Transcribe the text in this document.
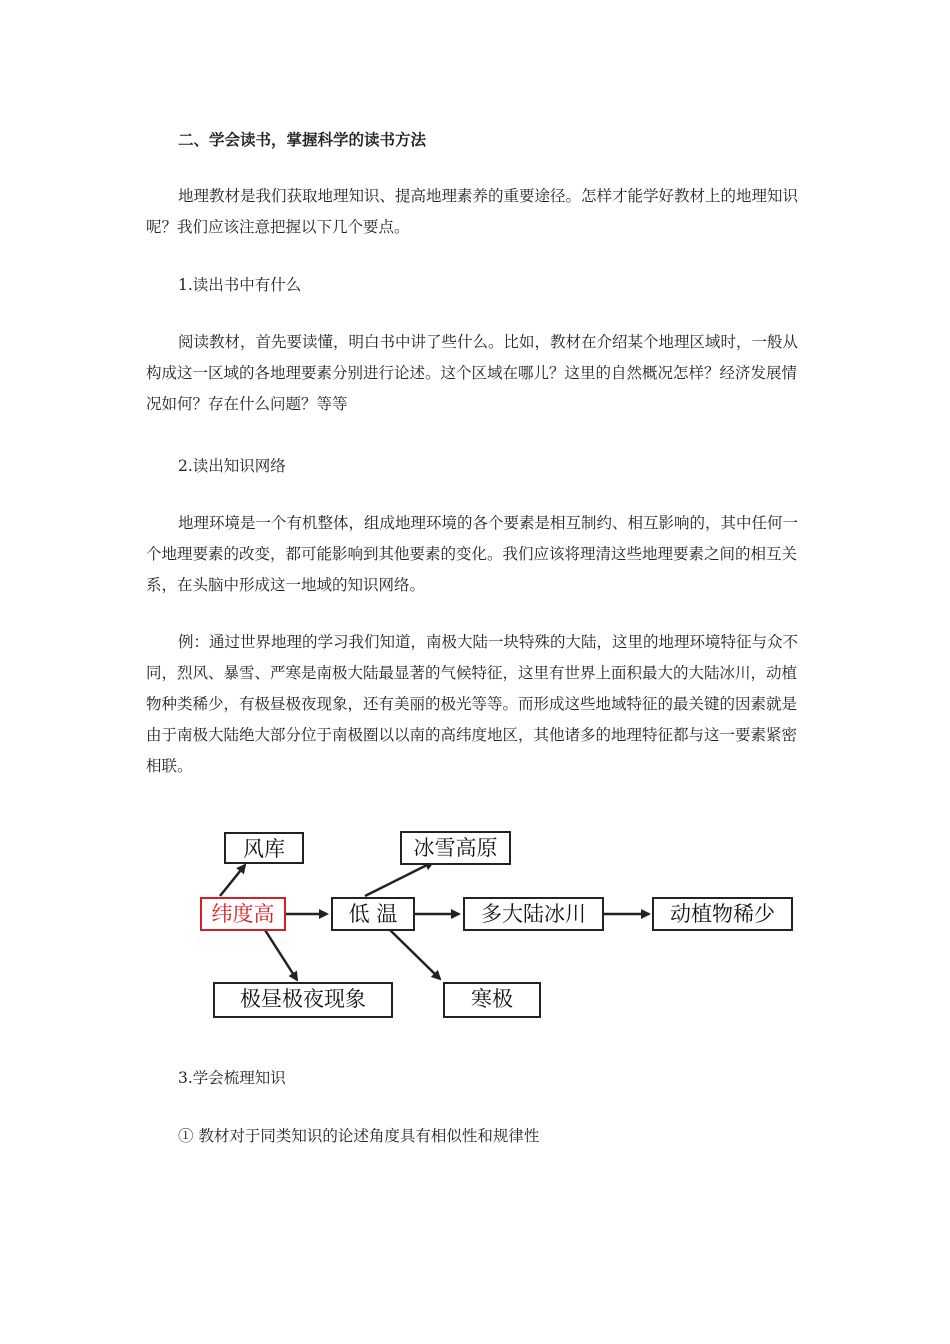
二、学会读书，掌握科学的读书方法
地理教材是我们获取地理知识、提高地理素养的重要途径。怎样才能学好教材上的地理知识呢？我们应该注意把握以下几个要点。
1.读出书中有什么
阅读教材，首先要读懂，明白书中讲了些什么。比如，教材在介绍某个地理区域时，一般从构成这一区域的各地理要素分别进行论述。这个区域在哪儿？这里的自然概况怎样？经济发展情况如何？存在什么问题？等等
2.读出知识网络
地理环境是一个有机整体，组成地理环境的各个要素是相互制约、相互影响的，其中任何一个地理要素的改变，都可能影响到其他要素的变化。我们应该将理清这些地理要素之间的相互关系，在头脑中形成这一地域的知识网络。
例：通过世界地理的学习我们知道，南极大陆一块特殊的大陆，这里的地理环境特征与众不同，烈风、暴雪、严寒是南极大陆最显著的气候特征，这里有世界上面积最大的大陆冰川，动植物种类稀少，有极昼极夜现象，还有美丽的极光等等。而形成这些地域特征的最关键的因素就是由于南极大陆绝大部分位于南极圈以以南的高纬度地区，其他诸多的地理特征都与这一要素紧密相联。
风库
纬度高	低 温
冰雪高原
多大陆冰川	动植物稀少
极昼极夜现象	寒极
3.学会梳理知识
① 教材对于同类知识的论述角度具有相似性和规律性
